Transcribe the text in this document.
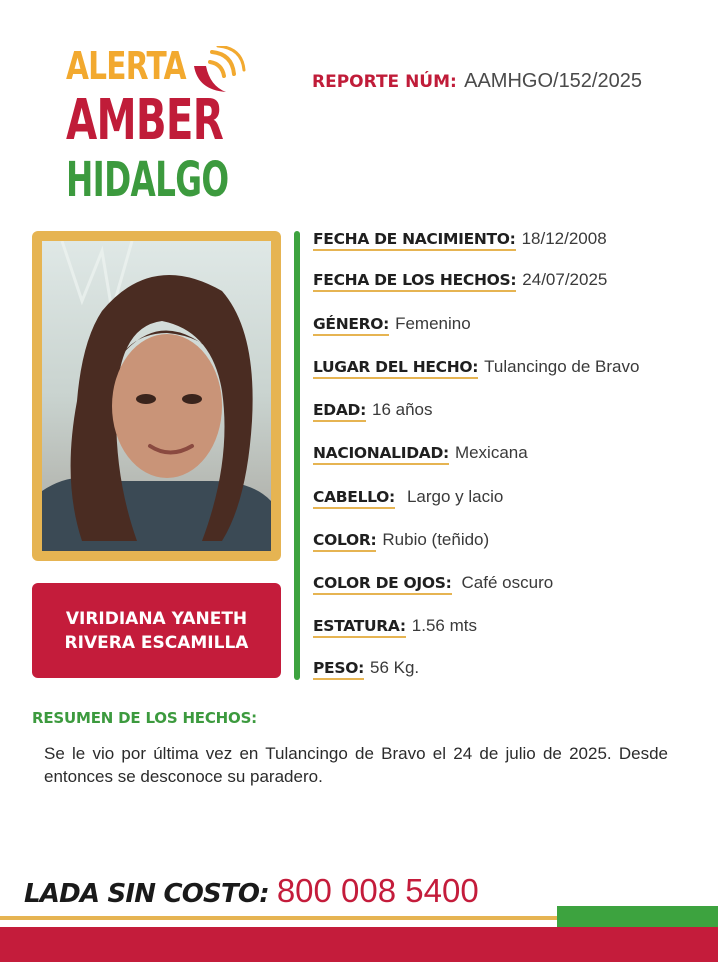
ALERTA
AMBER
HIDALGO
REPORTE NÚM: AAMHGO/152/2025
VIRIDIANA YANETH
RIVERA ESCAMILLA
FECHA DE NACIMIENTO: 18/12/2008
FECHA DE LOS HECHOS: 24/07/2025
GÉNERO: Femenino
LUGAR DEL HECHO: Tulancingo de Bravo
EDAD: 16 años
NACIONALIDAD: Mexicana
CABELLO: Largo y lacio
COLOR: Rubio (teñido)
COLOR DE OJOS: Café oscuro
ESTATURA: 1.56 mts
PESO: 56 Kg.
RESUMEN DE LOS HECHOS:
Se le vio por última vez en Tulancingo de Bravo el 24 de julio de 2025. Desde entonces se desconoce su paradero.
LADA SIN COSTO: 800 008 5400
